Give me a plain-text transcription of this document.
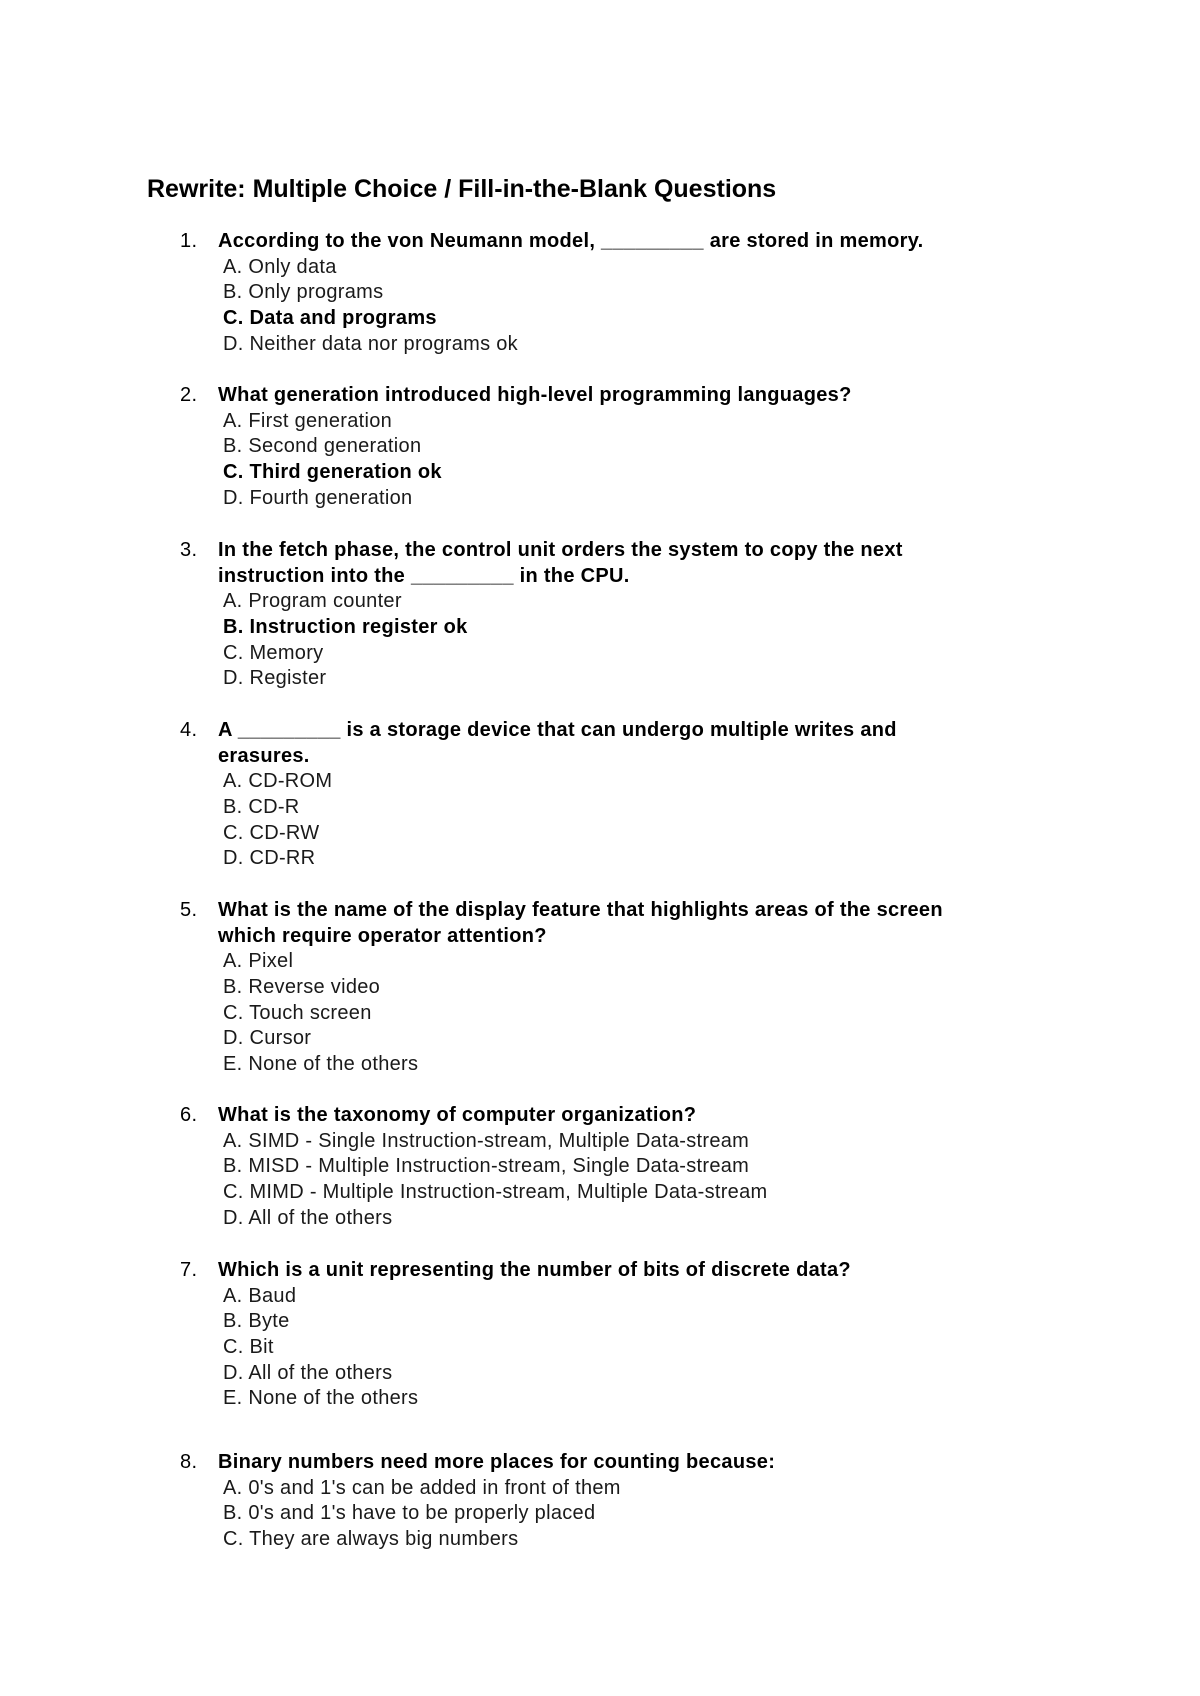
Rewrite: Multiple Choice / Fill-in-the-Blank Questions
1. According to the von Neumann model, _________ are stored in memory.
A. Only data
B. Only programs
C. Data and programs
D. Neither data nor programs ok
2. What generation introduced high-level programming languages?
A. First generation
B. Second generation
C. Third generation ok
D. Fourth generation
3. In the fetch phase, the control unit orders the system to copy the next
instruction into the _________ in the CPU.
A. Program counter
B. Instruction register ok
C. Memory
D. Register
4. A _________ is a storage device that can undergo multiple writes and
erasures.
A. CD-ROM
B. CD-R
C. CD-RW
D. CD-RR
5. What is the name of the display feature that highlights areas of the screen
which require operator attention?
A. Pixel
B. Reverse video
C. Touch screen
D. Cursor
E. None of the others
6. What is the taxonomy of computer organization?
A. SIMD - Single Instruction-stream, Multiple Data-stream
B. MISD - Multiple Instruction-stream, Single Data-stream
C. MIMD - Multiple Instruction-stream, Multiple Data-stream
D. All of the others
7. Which is a unit representing the number of bits of discrete data?
A. Baud
B. Byte
C. Bit
D. All of the others
E. None of the others
8. Binary numbers need more places for counting because:
A. 0's and 1's can be added in front of them
B. 0's and 1's have to be properly placed
C. They are always big numbers
